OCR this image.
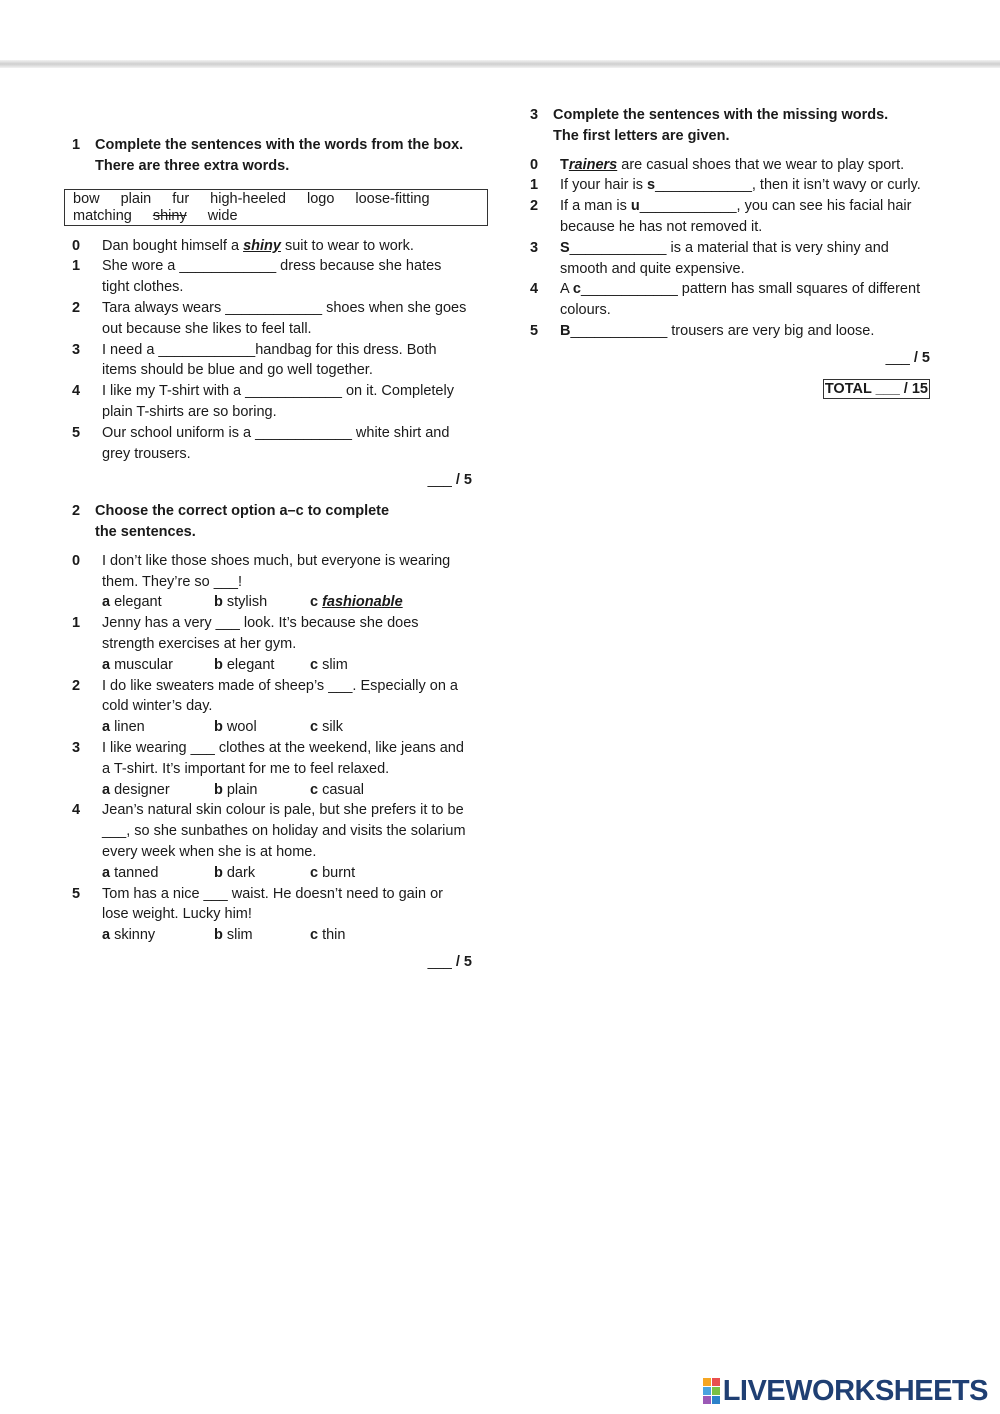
1	Complete the sentences with the words from the box. There are three extra words.
bow plain fur high-heeled logo loose-fitting
matching shiny wide
0	Dan bought himself a shiny suit to wear to work.
1	She wore a ____________ dress because she hates tight clothes.
2	Tara always wears ____________ shoes when she goes out because she likes to feel tall.
3	I need a ____________handbag for this dress. Both items should be blue and go well together.
4	I like my T-shirt with a ____________ on it. Completely plain T-shirts are so boring.
5	Our school uniform is a ____________ white shirt and grey trousers.
___ / 5
2	Choose the correct option a–c to complete the sentences.
0	I don’t like those shoes much, but everyone is wearing them. They’re so ___!
a elegant	b stylish	c fashionable
1	Jenny has a very ___ look. It’s because she does strength exercises at her gym.
a muscular	b elegant	c slim
2	I do like sweaters made of sheep’s ___. Especially on a cold winter’s day.
a linen	b wool	c silk
3	I like wearing ___ clothes at the weekend, like jeans and a T-shirt. It’s important for me to feel relaxed.
a designer	b plain	c casual
4	Jean’s natural skin colour is pale, but she prefers it to be ___, so she sunbathes on holiday and visits the solarium every week when she is at home.
a tanned	b dark	c burnt
5	Tom has a nice ___ waist. He doesn’t need to gain or lose weight. Lucky him!
a skinny	b slim	c thin
___ / 5
3	Complete the sentences with the missing words. The first letters are given.
0	Trainers are casual shoes that we wear to play sport.
1	If your hair is s____________, then it isn’t wavy or curly.
2	If a man is u____________, you can see his facial hair because he has not removed it.
3	S____________ is a material that is very shiny and smooth and quite expensive.
4	A c____________ pattern has small squares of different colours.
5	B____________ trousers are very big and loose.
___ / 5
TOTAL ___ / 15
LIVEWORKSHEETS
